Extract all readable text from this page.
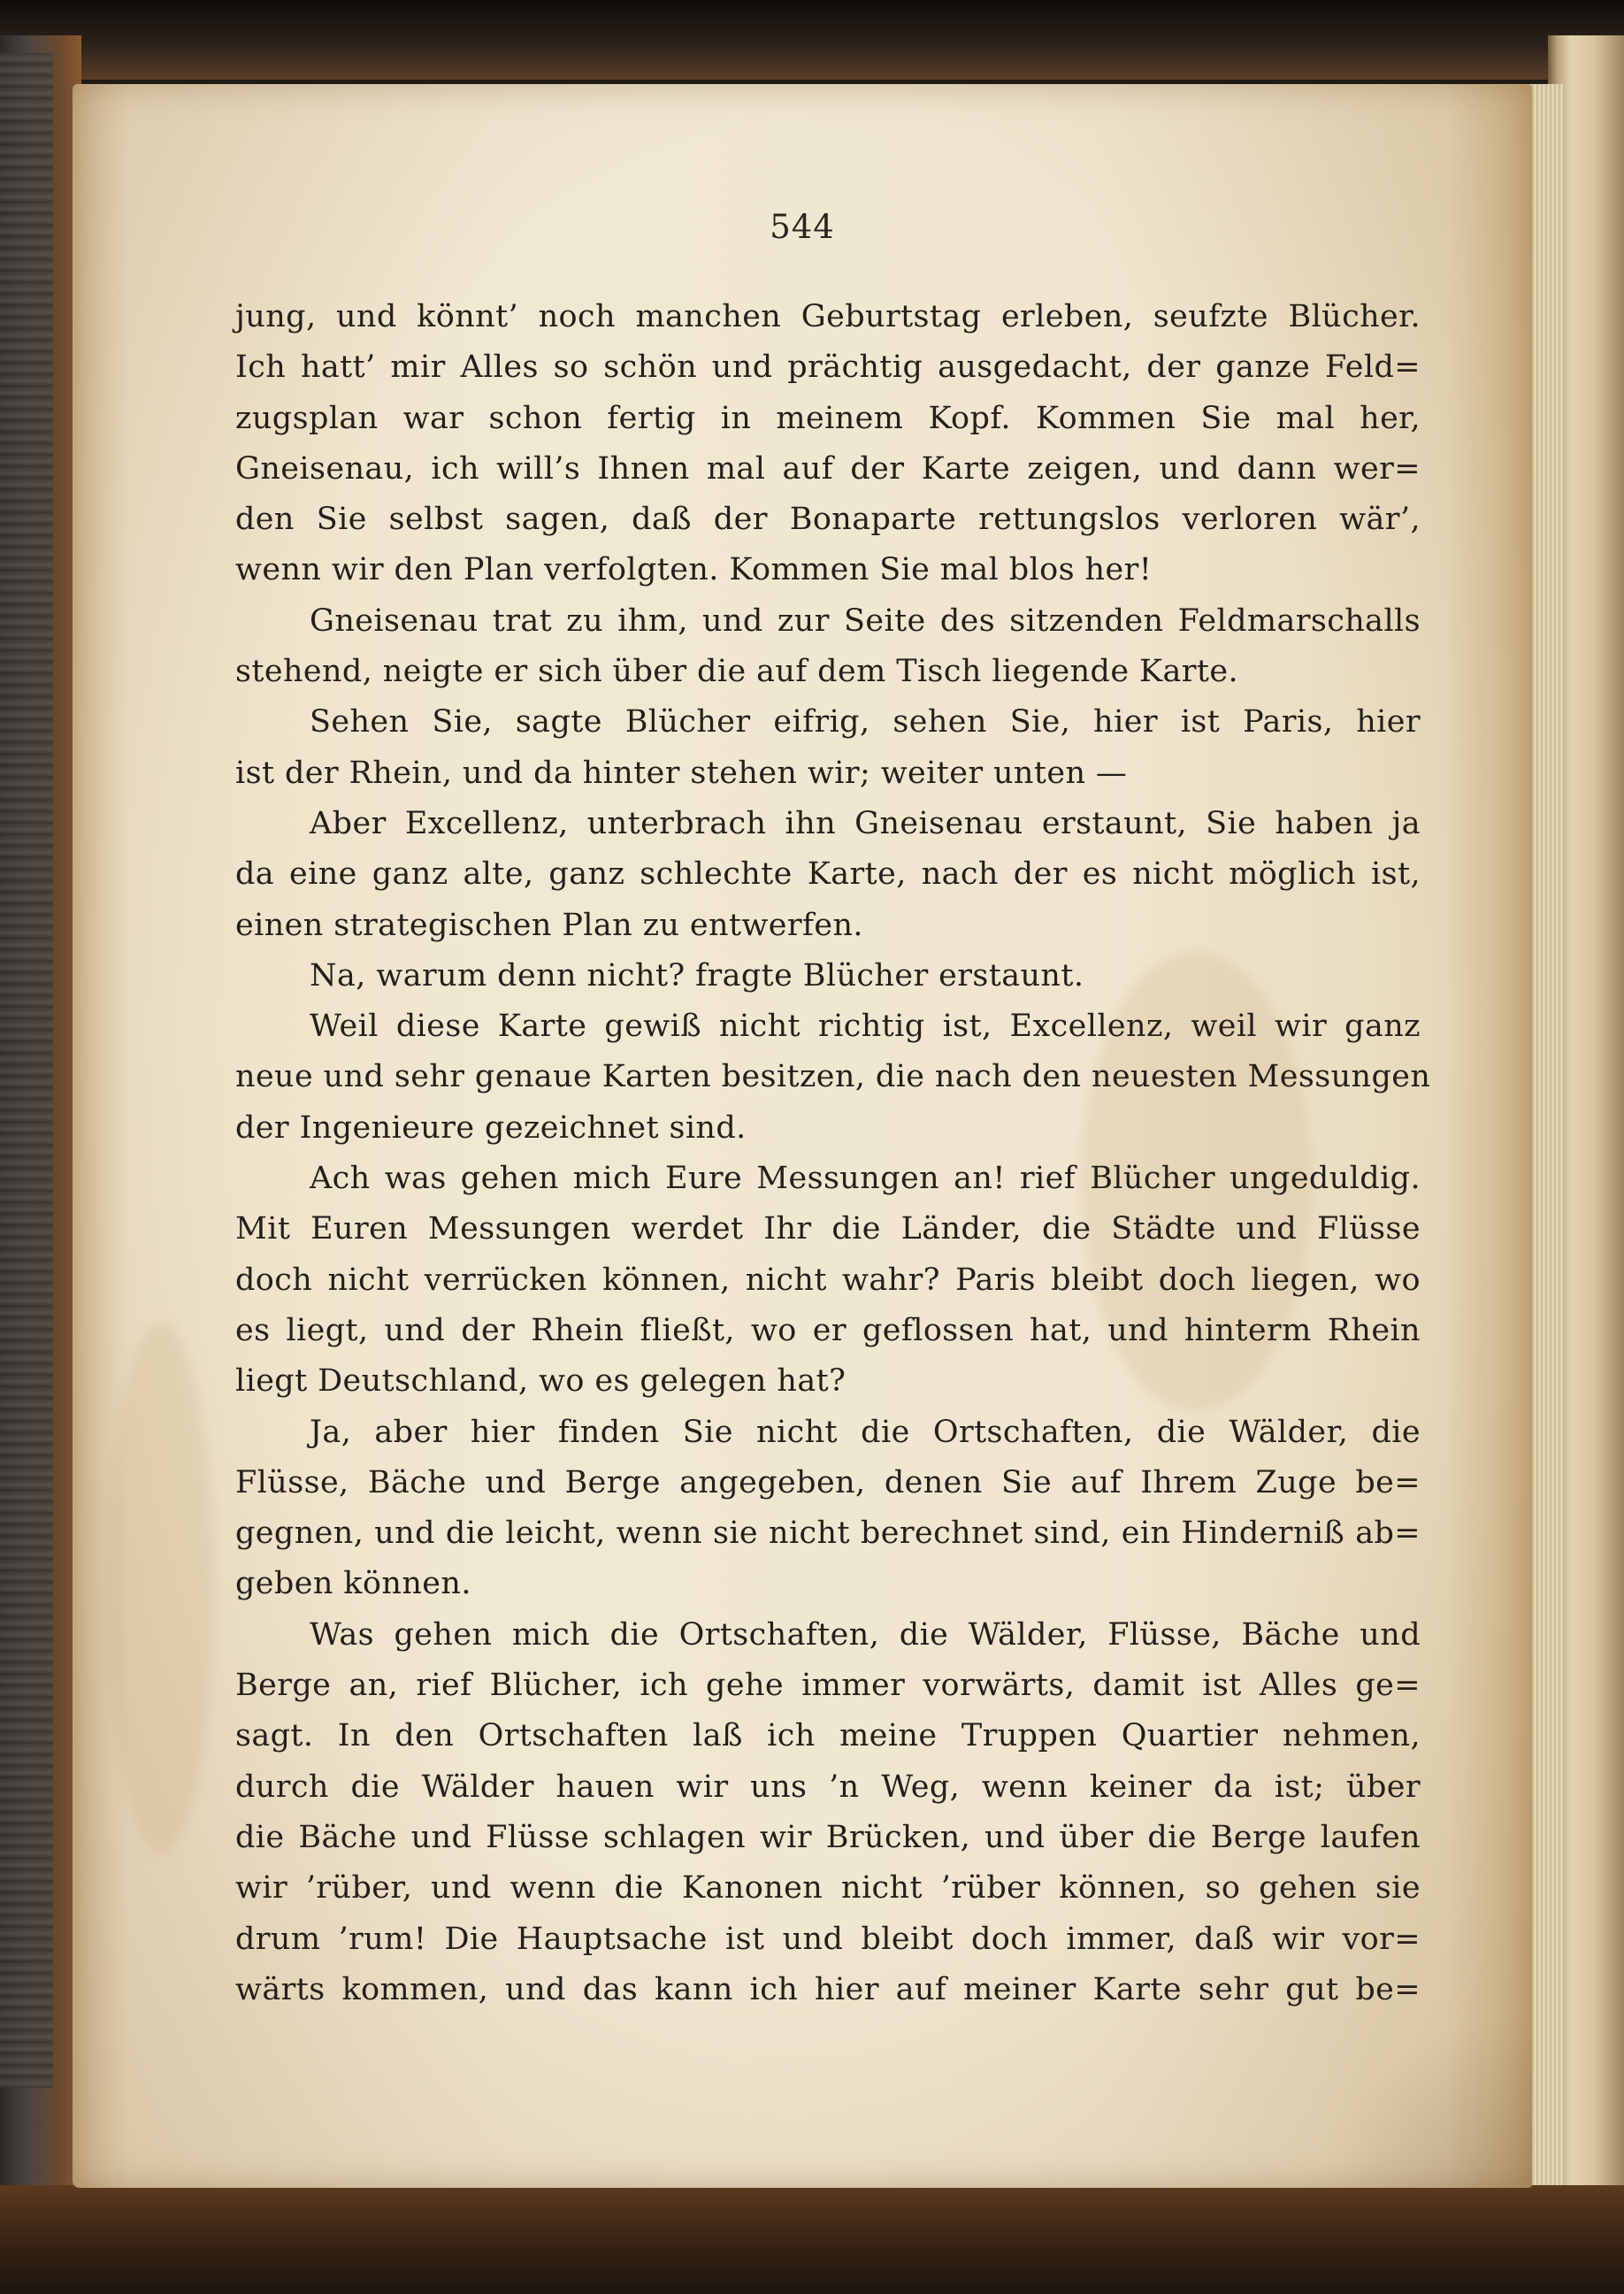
544

jung, und könnt’ noch manchen Geburtstag erleben, seufzte Blücher.

Ich hatt’ mir Alles so schön und prächtig ausgedacht, der ganze Feld=

zugsplan war schon fertig in meinem Kopf. Kommen Sie mal her,

Gneisenau, ich will’s Ihnen mal auf der Karte zeigen, und dann wer=

den Sie selbst sagen, daß der Bonaparte rettungslos verloren wär’,

wenn wir den Plan verfolgten. Kommen Sie mal blos her!

Gneisenau trat zu ihm, und zur Seite des sitzenden Feldmarschalls

stehend, neigte er sich über die auf dem Tisch liegende Karte.

Sehen Sie, sagte Blücher eifrig, sehen Sie, hier ist Paris, hier

ist der Rhein, und da hinter stehen wir; weiter unten —

Aber Excellenz, unterbrach ihn Gneisenau erstaunt, Sie haben ja

da eine ganz alte, ganz schlechte Karte, nach der es nicht möglich ist,

einen strategischen Plan zu entwerfen.

Na, warum denn nicht? fragte Blücher erstaunt.

Weil diese Karte gewiß nicht richtig ist, Excellenz, weil wir ganz

neue und sehr genaue Karten besitzen, die nach den neuesten Messungen

der Ingenieure gezeichnet sind.

Ach was gehen mich Eure Messungen an! rief Blücher ungeduldig.

Mit Euren Messungen werdet Ihr die Länder, die Städte und Flüsse

doch nicht verrücken können, nicht wahr? Paris bleibt doch liegen, wo

es liegt, und der Rhein fließt, wo er geflossen hat, und hinterm Rhein

liegt Deutschland, wo es gelegen hat?

Ja, aber hier finden Sie nicht die Ortschaften, die Wälder, die

Flüsse, Bäche und Berge angegeben, denen Sie auf Ihrem Zuge be=

gegnen, und die leicht, wenn sie nicht berechnet sind, ein Hinderniß ab=

geben können.

Was gehen mich die Ortschaften, die Wälder, Flüsse, Bäche und

Berge an, rief Blücher, ich gehe immer vorwärts, damit ist Alles ge=

sagt. In den Ortschaften laß ich meine Truppen Quartier nehmen,

durch die Wälder hauen wir uns ’n Weg, wenn keiner da ist; über

die Bäche und Flüsse schlagen wir Brücken, und über die Berge laufen

wir ’rüber, und wenn die Kanonen nicht ’rüber können, so gehen sie

drum ’rum! Die Hauptsache ist und bleibt doch immer, daß wir vor=

wärts kommen, und das kann ich hier auf meiner Karte sehr gut be=
